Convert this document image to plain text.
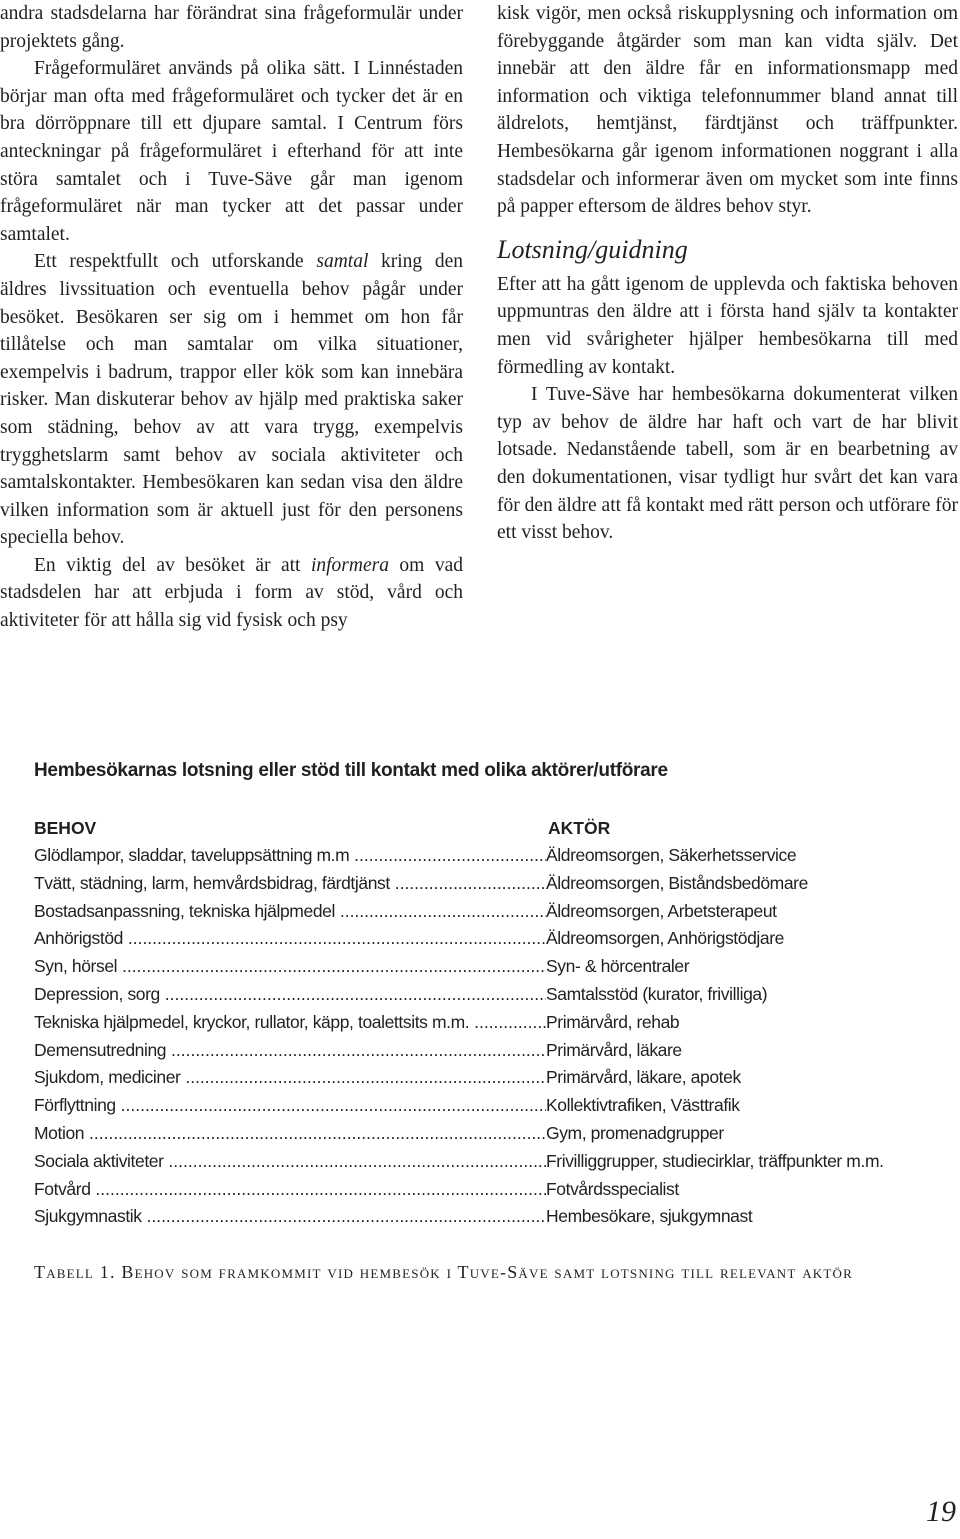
andra stadsdelarna har förändrat sina frågeformulär under projektets gång.

Frågeformuläret används på olika sätt. I Linnéstaden börjar man ofta med frågeformuläret och tycker det är en bra dörröppnare till ett djupare samtal. I Centrum förs anteckningar på frågeformuläret i efterhand för att inte störa samtalet och i Tuve-Säve går man igenom frågeformuläret när man tycker att det passar under samtalet.

Ett respektfullt och utforskande samtal kring den äldres livssituation och eventuella behov pågår under besöket. Besökaren ser sig om i hemmet om hon får tillåtelse och man samtalar om vilka situationer, exempelvis i badrum, trappor eller kök som kan innebära risker. Man diskuterar behov av hjälp med praktiska saker som städning, behov av att vara trygg, exempelvis trygghetslarm samt behov av sociala aktiviteter och samtalskontakter. Hembesökaren kan sedan visa den äldre vilken information som är aktuell just för den personens speciella behov.

En viktig del av besöket är att informera om vad stadsdelen har att erbjuda i form av stöd, vård och aktiviteter för att hålla sig vid fysisk och psy

kisk vigör, men också riskupplysning och information om förebyggande åtgärder som man kan vidta själv. Det innebär att den äldre får en informationsmapp med information och viktiga telefonnummer bland annat till äldrelots, hemtjänst, färdtjänst och träffpunkter. Hembesökarna går igenom informationen noggrant i alla stadsdelar och informerar även om mycket som inte finns på papper eftersom de äldres behov styr.

Lotsning/guidning

Efter att ha gått igenom de upplevda och faktiska behoven uppmuntras den äldre att i första hand själv ta kontakter men vid svårigheter hjälper hembesökarna till med förmedling av kontakt.

I Tuve-Säve har hembesökarna dokumenterat vilken typ av behov de äldre har haft och vart de har blivit lotsade. Nedanstående tabell, som är en bearbetning av den dokumentationen, visar tydligt hur svårt det kan vara för den äldre att få kontakt med rätt person och utförare för ett visst behov.

Hembesökarnas lotsning eller stöd till kontakt med olika aktörer/utförare
BEHOV	AKTÖR
Glödlampor, sladdar, taveluppsättning m.m .....	Äldreomsorgen, Säkerhetsservice
Tvätt, städning, larm, hemvårdsbidrag, färdtjänst .....	Äldreomsorgen, Biståndsbedömare
Bostadsanpassning, tekniska hjälpmedel .....	Äldreomsorgen, Arbetsterapeut
Anhörigstöd .....	Äldreomsorgen, Anhörigstödjare
Syn, hörsel .....	Syn- & hörcentraler
Depression, sorg .....	Samtalsstöd (kurator, frivilliga)
Tekniska hjälpmedel, kryckor, rullator, käpp, toalettsits m.m. .....	Primärvård, rehab
Demensutredning .....	Primärvård, läkare
Sjukdom, mediciner .....	Primärvård, läkare, apotek
Förflyttning .....	Kollektivtrafiken, Västtrafik
Motion .....	Gym, promenadgrupper
Sociala aktiviteter .....	Frivilliggrupper, studiecirklar, träffpunkter m.m.
Fotvård .....	Fotvårdsspecialist
Sjukgymnastik .....	Hembesökare, sjukgymnast
Tabell 1. Behov som framkommit vid hembesök i Tuve-Säve samt lotsning till relevant aktör
19
